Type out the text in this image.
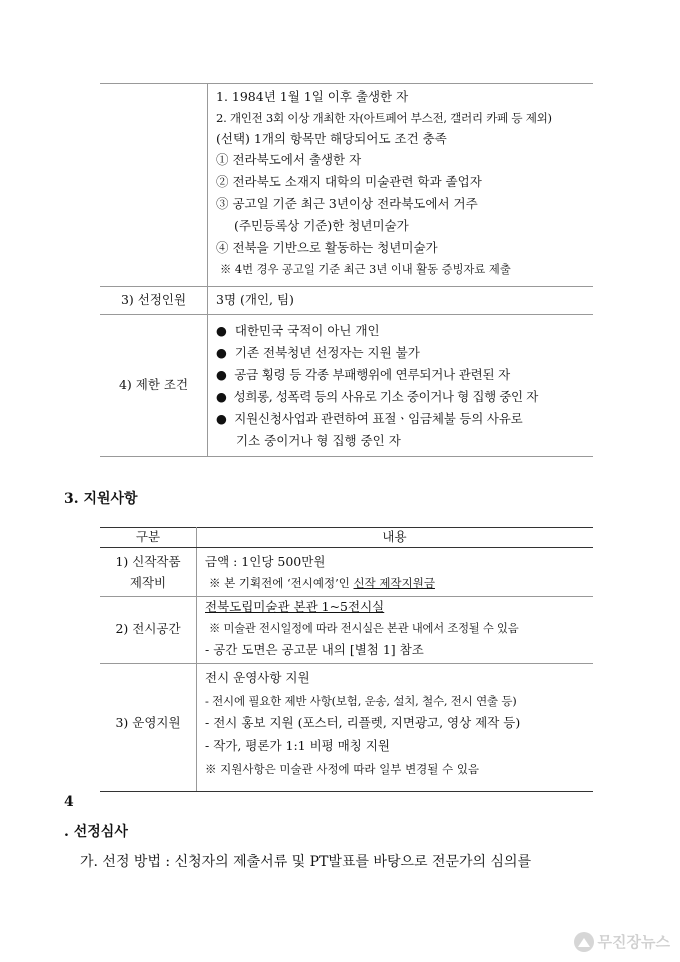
1. 1984년 1월 1일 이후 출생한 자
2. 개인전 3회 이상 개최한 자(아트페어 부스전, 갤러리 카페 등 제외)
(선택) 1개의 항목만 해당되어도 조건 충족
① 전라북도에서 출생한 자
② 전라북도 소재지 대학의 미술관련 학과 졸업자
③ 공고일 기준 최근 3년이상 전라북도에서 거주
(주민등록상 기준)한 청년미술가
④ 전북을 기반으로 활동하는 청년미술가
※ 4번 경우 공고일 기준 최근 3년 이내 활동 증빙자료 제출
3) 선정인원	3명 (개인, 팀)
4) 제한 조건
● 대한민국 국적이 아닌 개인
● 기존 전북청년 선정자는 지원 불가
● 공금 횡령 등 각종 부패행위에 연루되거나 관련된 자
● 성희롱, 성폭력 등의 사유로 기소 중이거나 형 집행 중인 자
● 지원신청사업과 관련하여 표절ㆍ임금체불 등의 사유로
기소 중이거나 형 집행 중인 자
3. 지원사항
구분	내용
1) 신작작품
제작비
금액 : 1인당 500만원
※ 본 기획전에 ‘전시예정’인 신작 제작지원금
2) 전시공간
전북도립미술관 본관 1~5전시실
※ 미술관 전시일정에 따라 전시실은 본관 내에서 조정될 수 있음
- 공간 도면은 공고문 내의 [별첨 1] 참조
3) 운영지원
전시 운영사항 지원
- 전시에 필요한 제반 사항(보험, 운송, 설치, 철수, 전시 연출 등)
- 전시 홍보 지원 (포스터, 리플렛, 지면광고, 영상 제작 등)
- 작가, 평론가 1:1 비평 매칭 지원
※ 지원사항은 미술관 사정에 따라 일부 변경될 수 있음
4
. 선정심사
가. 선정 방법 : 신청자의 제출서류 및 PT발표를 바탕으로 전문가의 심의를
무진장뉴스
